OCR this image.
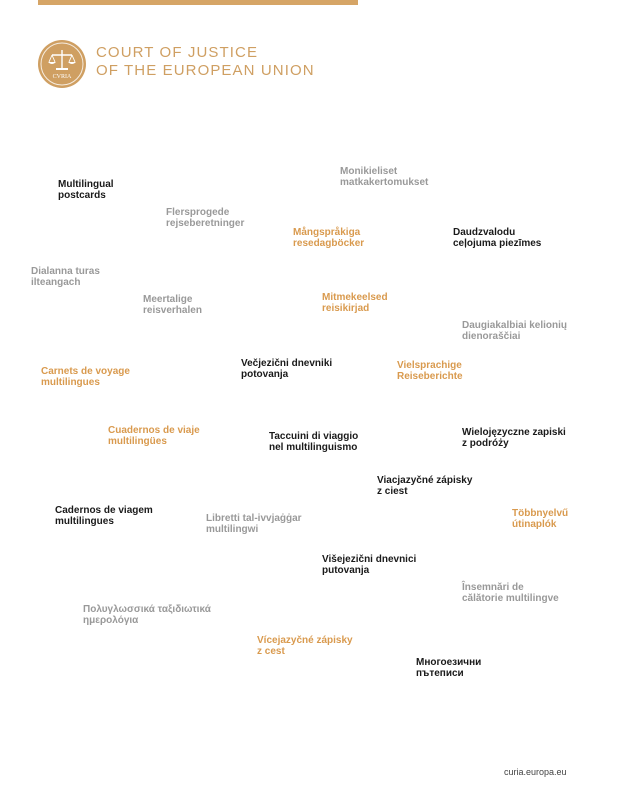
CVRIA
COURT OF JUSTICE
OF THE EUROPEAN UNION
Multilingual
postcards
Monikieliset
matkakertomukset
Flersprogede
rejseberetninger
Mångspråkiga
resedagböcker
Daudzvalodu
ceļojuma piezīmes
Dialanna turas
ilteangach
Meertalige
reisverhalen
Mitmekeelsed
reisikirjad
Daugiakalbiai kelionių
dienoraščiai
Carnets de voyage
multilingues
Večjezični dnevniki
potovanja
Vielsprachige
Reiseberichte
Cuadernos de viaje
multilingües	Taccuini di viaggio
nel multilinguismo
Wielojęzyczne zapiski
z podróży
Viacjazyčné zápisky
z ciest
Cadernos de viagem
multilingues	Libretti tal-ivvjaġġar
multilingwi
Többnyelvű
útinaplók
Višejezični dnevnici
putovanja
Însemnări de
călătorie multilingve
Πολυγλωσσικά ταξιδιωτικά
ημερολόγια
Vícejazyčné zápisky
z cest
Многоезични
пътеписи
curia.europa.eu
